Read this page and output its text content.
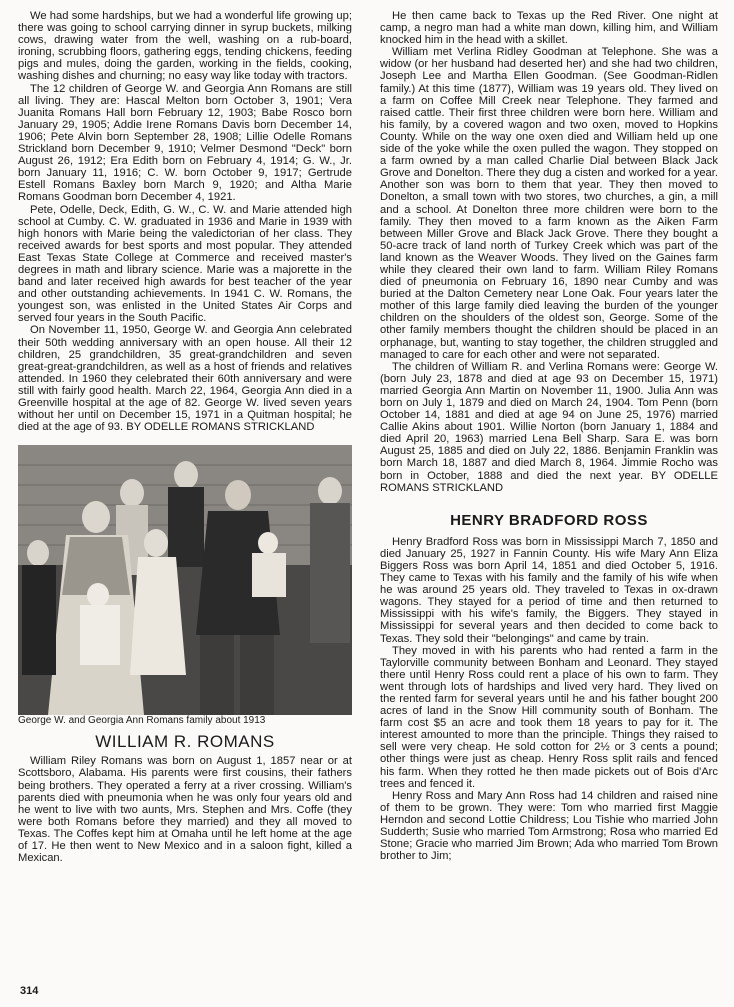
We had some hardships, but we had a wonderful life growing up; there was going to school carrying dinner in syrup buckets, milking cows, drawing water from the well, washing on a rub-board, ironing, scrubbing floors, gathering eggs, tending chickens, feeding pigs and mules, doing the garden, working in the fields, cooking, washing dishes and churning; no easy way like today with tractors.

The 12 children of George W. and Georgia Ann Romans are still all living. They are: Hascal Melton born October 3, 1901; Vera Juanita Romans Hall born February 12, 1903; Babe Rosco born January 29, 1905; Addie Irene Romans Davis born December 14, 1906; Pete Alvin born September 28, 1908; Lillie Odelle Romans Strickland born December 9, 1910; Velmer Desmond "Deck" born August 26, 1912; Era Edith born on February 4, 1914; G. W., Jr. born January 11, 1916; C. W. born October 9, 1917; Gertrude Estell Romans Baxley born March 9, 1920; and Altha Marie Romans Goodman born December 4, 1921.

Pete, Odelle, Deck, Edith, G. W., C. W. and Marie attended high school at Cumby. C. W. graduated in 1936 and Marie in 1939 with high honors with Marie being the valedictorian of her class. They received awards for best sports and most popular. They attended East Texas State College at Commerce and received master's degrees in math and library science. Marie was a majorette in the band and later received high awards for best teacher of the year and other outstanding achievements. In 1941 C. W. Romans, the youngest son, was enlisted in the United States Air Corps and served four years in the South Pacific.

On November 11, 1950, George W. and Georgia Ann celebrated their 50th wedding anniversary with an open house. All their 12 children, 25 grandchildren, 35 great-grandchildren and seven great-great-grandchildren, as well as a host of friends and relatives attended. In 1960 they celebrated their 60th anniversary and were still with fairly good health. March 22, 1964, Georgia Ann died in a Greenville hospital at the age of 82. George W. lived seven years without her until on December 15, 1971 in a Quitman hospital; he died at the age of 93. BY ODELLE ROMANS STRICKLAND

George W. and Georgia Ann Romans family about 1913

WILLIAM R. ROMANS

William Riley Romans was born on August 1, 1857 near or at Scottsboro, Alabama. His parents were first cousins, their fathers being brothers. They operated a ferry at a river crossing. William's parents died with pneumonia when he was only four years old and he went to live with two aunts, Mrs. Stephen and Mrs. Coffe (they were both Romans before they married) and they all moved to Texas. The Coffes kept him at Omaha until he left home at the age of 17. He then went to New Mexico and in a saloon fight, killed a Mexican.

He then came back to Texas up the Red River. One night at camp, a negro man had a white man down, killing him, and William knocked him in the head with a skillet.

William met Verlina Ridley Goodman at Telephone. She was a widow (or her husband had deserted her) and she had two children, Joseph Lee and Martha Ellen Goodman. (See Goodman-Ridlen family.) At this time (1877), William was 19 years old. They lived on a farm on Coffee Mill Creek near Telephone. They farmed and raised cattle. Their first three children were born here. William and his family, by a covered wagon and two oxen, moved to Hopkins County. While on the way one oxen died and William held up one side of the yoke while the oxen pulled the wagon. They stopped on a farm owned by a man called Charlie Dial between Black Jack Grove and Donelton. There they dug a cisten and worked for a year. Another son was born to them that year. They then moved to Donelton, a small town with two stores, two churches, a gin, a mill and a school. At Donelton three more children were born to the family. They then moved to a farm known as the Aiken Farm between Miller Grove and Black Jack Grove. There they bought a 50-acre track of land north of Turkey Creek which was part of the land known as the Weaver Woods. They lived on the Gaines farm while they cleared their own land to farm. William Riley Romans died of pneumonia on February 16, 1890 near Cumby and was buried at the Dalton Cemetery near Lone Oak. Four years later the mother of this large family died leaving the burden of the younger children on the shoulders of the oldest son, George. Some of the other family members thought the children should be placed in an orphanage, but, wanting to stay together, the children struggled and managed to care for each other and were not separated.

The children of William R. and Verlina Romans were: George W. (born July 23, 1878 and died at age 93 on December 15, 1971) married Georgia Ann Martin on November 11, 1900. Julia Ann was born on July 1, 1879 and died on March 24, 1904. Tom Penn (born October 14, 1881 and died at age 94 on June 25, 1976) married Callie Akins about 1901. Willie Norton (born January 1, 1884 and died April 20, 1963) married Lena Bell Sharp. Sara E. was born August 25, 1885 and died on July 22, 1886. Benjamin Franklin was born March 18, 1887 and died March 8, 1964. Jimmie Rocho was born in October, 1888 and died the next year. BY ODELLE ROMANS STRICKLAND

HENRY BRADFORD ROSS

Henry Bradford Ross was born in Mississippi March 7, 1850 and died January 25, 1927 in Fannin County. His wife Mary Ann Eliza Biggers Ross was born April 14, 1851 and died October 5, 1916. They came to Texas with his family and the family of his wife when he was around 25 years old. They traveled to Texas in ox-drawn wagons. They stayed for a period of time and then returned to Mississippi with his wife's family, the Biggers. They stayed in Mississippi for several years and then decided to come back to Texas. They sold their "belongings" and came by train.

They moved in with his parents who had rented a farm in the Taylorville community between Bonham and Leonard. They stayed there until Henry Ross could rent a place of his own to farm. They went through lots of hardships and lived very hard. They lived on the rented farm for several years until he and his father bought 200 acres of land in the Snow Hill community south of Bonham. The farm cost $5 an acre and took them 18 years to pay for it. The interest amounted to more than the principle. Things they raised to sell were very cheap. He sold cotton for 2½ or 3 cents a pound; other things were just as cheap. Henry Ross split rails and fenced his farm. When they rotted he then made pickets out of Bois d'Arc trees and fenced it.

Henry Ross and Mary Ann Ross had 14 children and raised nine of them to be grown. They were: Tom who married first Maggie Herndon and second Lottie Childress; Lou Tishie who married John Sudderth; Susie who married Tom Armstrong; Rosa who married Ed Stone; Gracie who married Jim Brown; Ada who married Tom Brown brother to Jim;

314
